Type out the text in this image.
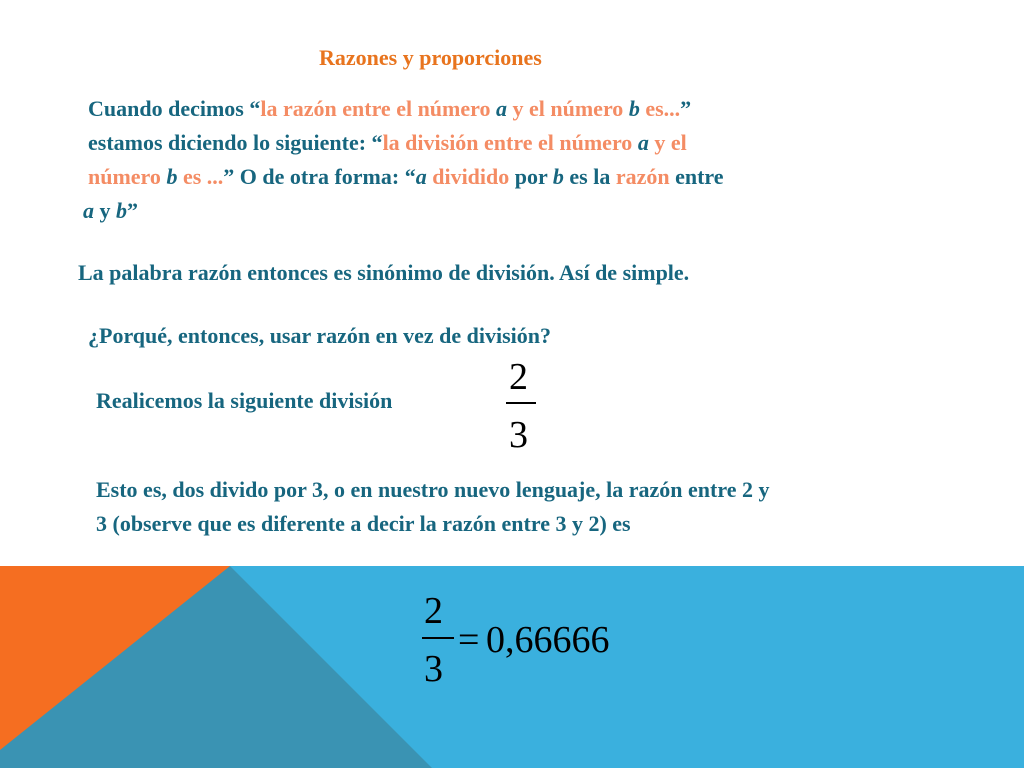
Razones y proporciones
Cuando decimos “la razón entre el número a y el número b es...”
estamos diciendo lo siguiente: “la división entre el número a y el
número b es ...” O de otra forma: “a dividido por b es la razón entre
a y b”
La palabra razón entonces es sinónimo de división. Así de simple.
¿Porqué, entonces, usar razón en vez de división?
Realicemos la siguiente división
2
3
Esto es, dos divido por 3, o en nuestro nuevo lenguaje, la razón entre 2 y
3 (observe que es diferente a decir la razón entre 3 y 2) es
2
3
= 0,66666
